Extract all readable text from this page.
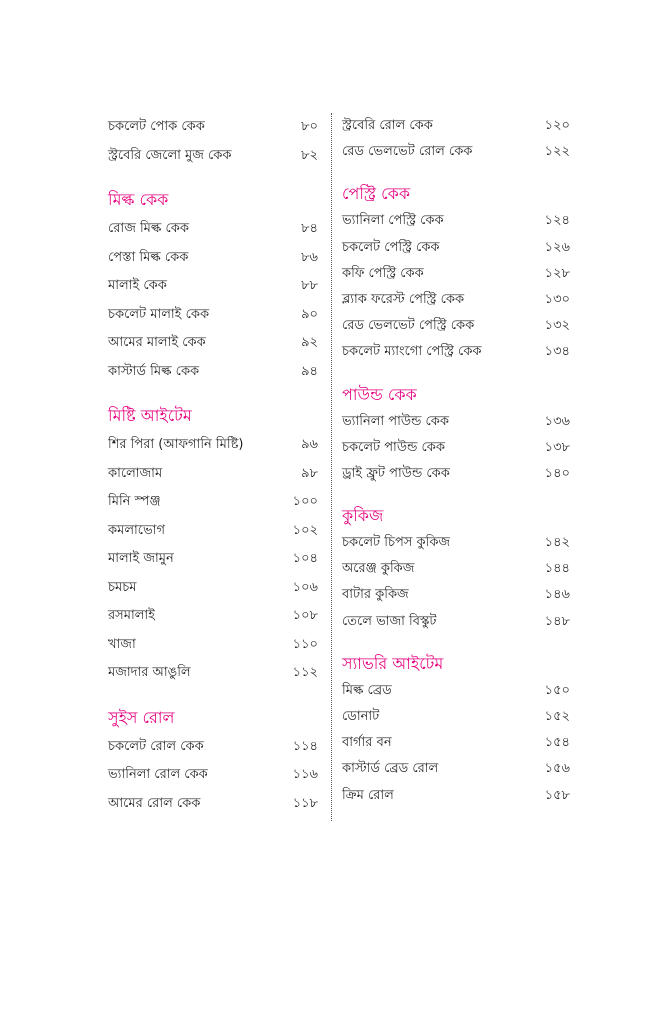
চকলেট পোক কেক	৮০
স্ট্রবেরি জেলো মুজ কেক	৮২
মিল্ক কেক
রোজ মিল্ক কেক	৮৪
পেস্তা মিল্ক কেক	৮৬
মালাই কেক	৮৮
চকলেট মালাই কেক	৯০
আমের মালাই কেক	৯২
কাস্টার্ড মিল্ক কেক	৯৪
মিষ্টি আইটেম
শির পিরা (আফগানি মিষ্টি)	৯৬
কালোজাম	৯৮
মিনি স্পঞ্জ	১০০
কমলাভোগ	১০২
মালাই জামুন	১০৪
চমচম	১০৬
রসমালাই	১০৮
খাজা	১১০
মজাদার আঙুলি	১১২
সুইস রোল
চকলেট রোল কেক	১১৪
ভ্যানিলা রোল কেক	১১৬
আমের রোল কেক	১১৮
স্ট্রবেরি রোল কেক	১২০
রেড ভেলভেট রোল কেক	১২২
পেস্ট্রি কেক
ভ্যানিলা পেস্ট্রি কেক	১২৪
চকলেট পেস্ট্রি কেক	১২৬
কফি পেস্ট্রি কেক	১২৮
ব্ল্যাক ফরেস্ট পেস্ট্রি কেক	১৩০
রেড ভেলভেট পেস্ট্রি কেক	১৩২
চকলেট ম্যাংগো পেস্ট্রি কেক	১৩৪
পাউন্ড কেক
ভ্যানিলা পাউন্ড কেক	১৩৬
চকলেট পাউন্ড কেক	১৩৮
ড্রাই ফ্রুট পাউন্ড কেক	১৪০
কুকিজ
চকলেট চিপস কুকিজ	১৪২
অরেঞ্জ কুকিজ	১৪৪
বাটার কুকিজ	১৪৬
তেলে ভাজা বিস্কুট	১৪৮
স্যাভরি আইটেম
মিল্ক ব্রেড	১৫০
ডোনাট	১৫২
বার্গার বন	১৫৪
কাস্টার্ড ব্রেড রোল	১৫৬
ক্রিম রোল	১৫৮
